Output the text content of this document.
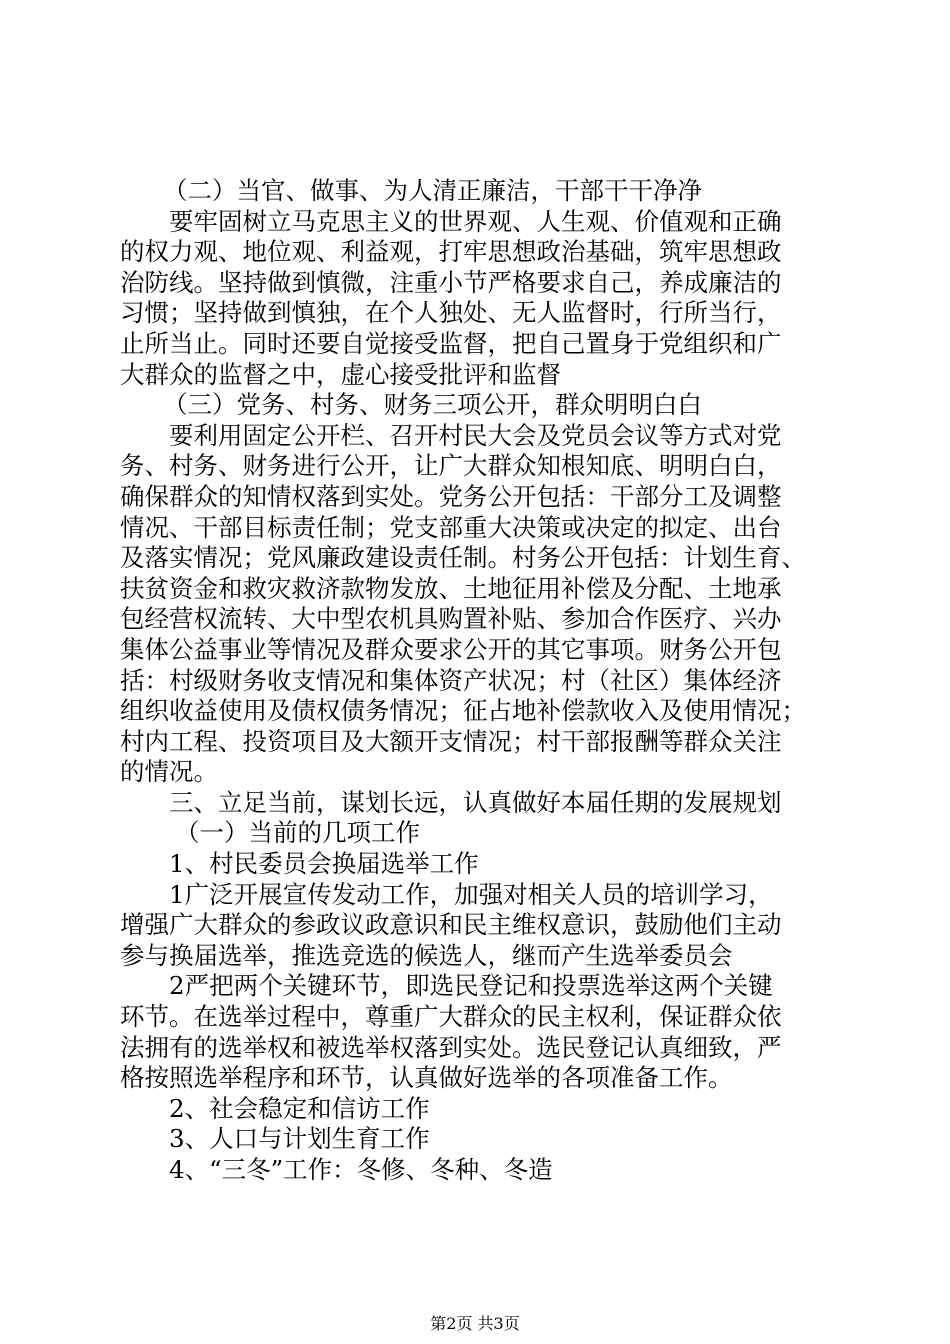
（二）当官、做事、为人清正廉洁，干部干干净净
要牢固树立马克思主义的世界观、人生观、价值观和正确
的权力观、地位观、利益观，打牢思想政治基础，筑牢思想政
治防线。坚持做到慎微，注重小节严格要求自己，养成廉洁的
习惯；坚持做到慎独，在个人独处、无人监督时，行所当行，
止所当止。同时还要自觉接受监督，把自己置身于党组织和广
大群众的监督之中，虚心接受批评和监督
（三）党务、村务、财务三项公开，群众明明白白
要利用固定公开栏、召开村民大会及党员会议等方式对党
务、村务、财务进行公开，让广大群众知根知底、明明白白，
确保群众的知情权落到实处。党务公开包括：干部分工及调整
情况、干部目标责任制；党支部重大决策或决定的拟定、出台
及落实情况；党风廉政建设责任制。村务公开包括：计划生育、
扶贫资金和救灾救济款物发放、土地征用补偿及分配、土地承
包经营权流转、大中型农机具购置补贴、参加合作医疗、兴办
集体公益事业等情况及群众要求公开的其它事项。财务公开包
括：村级财务收支情况和集体资产状况；村（社区）集体经济
组织收益使用及债权债务情况；征占地补偿款收入及使用情况；
村内工程、投资项目及大额开支情况；村干部报酬等群众关注
的情况。
三、立足当前，谋划长远，认真做好本届任期的发展规划
（一）当前的几项工作
1、村民委员会换届选举工作
1广泛开展宣传发动工作，加强对相关人员的培训学习，
增强广大群众的参政议政意识和民主维权意识，鼓励他们主动
参与换届选举，推选竞选的候选人，继而产生选举委员会
2严把两个关键环节，即选民登记和投票选举这两个关键
环节。在选举过程中，尊重广大群众的民主权利，保证群众依
法拥有的选举权和被选举权落到实处。选民登记认真细致，严
格按照选举程序和环节，认真做好选举的各项准备工作。
2、社会稳定和信访工作
3、人口与计划生育工作
4、“三冬”工作：冬修、冬种、冬造
第2页 共3页
